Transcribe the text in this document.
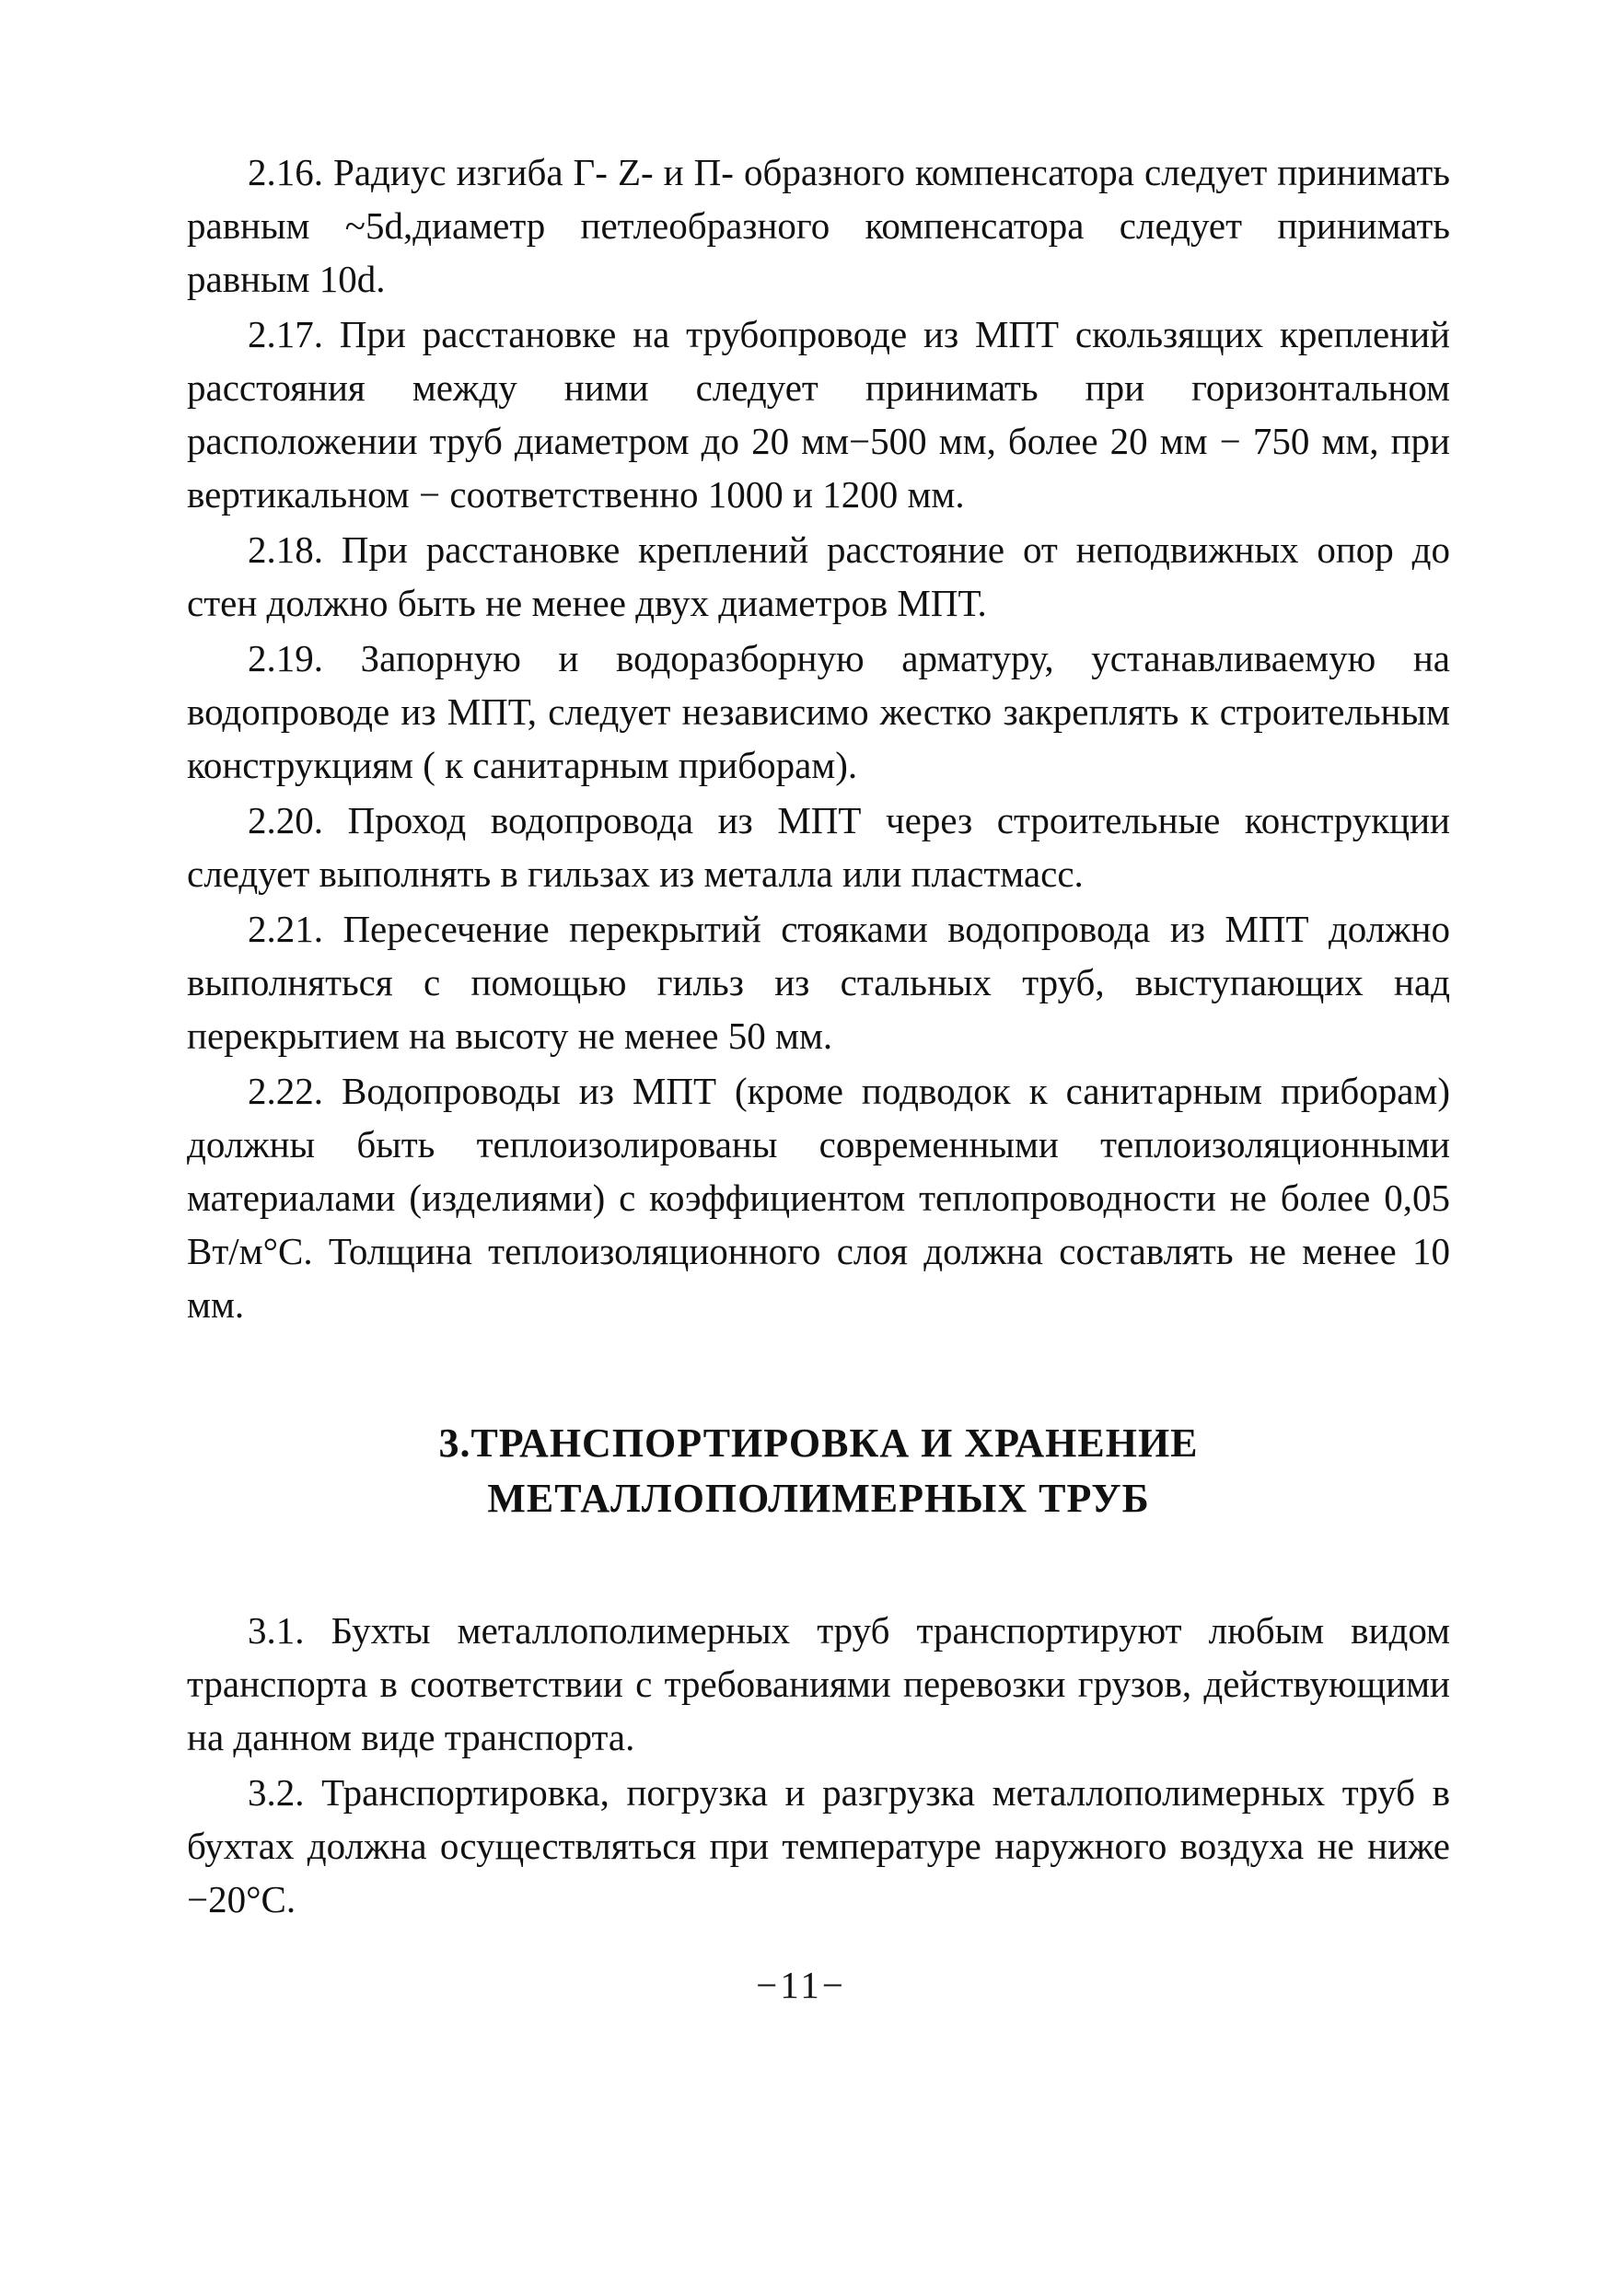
2.16. Радиус изгиба Г- Z- и П- образного компенсатора следует принимать равным ~5d,диаметр петлеобразного компенсатора следует принимать равным 10d.

2.17. При расстановке на трубопроводе из МПТ скользящих креплений расстояния между ними следует принимать при горизонтальном расположении труб диаметром до 20 мм−500 мм, более 20 мм − 750 мм, при вертикальном − соответственно 1000 и 1200 мм.

2.18. При расстановке креплений расстояние от неподвижных опор до стен должно быть не менее двух диаметров МПТ.

2.19. Запорную и водоразборную арматуру, устанавливаемую на водопроводе из МПТ, следует независимо жестко закреплять к строительным конструкциям ( к санитарным приборам).

2.20. Проход водопровода из МПТ через строительные конструкции следует выполнять в гильзах из металла или пластмасс.

2.21. Пересечение перекрытий стояками водопровода из МПТ должно выполняться с помощью гильз из стальных труб, выступающих над перекрытием на высоту не менее 50 мм.

2.22. Водопроводы из МПТ (кроме подводок к санитарным приборам) должны быть теплоизолированы современными теплоизоляционными материалами (изделиями) с коэффициентом теплопроводности не более 0,05 Вт/м°С. Толщина теплоизоляционного слоя должна составлять не менее 10 мм.

3.ТРАНСПОРТИРОВКА И ХРАНЕНИЕ
МЕТАЛЛОПОЛИМЕРНЫХ ТРУБ

3.1. Бухты металлополимерных труб транспортируют любым видом транспорта в соответствии с требованиями перевозки грузов, действующими на данном виде транспорта.

3.2. Транспортировка, погрузка и разгрузка металлополимерных труб в бухтах должна осуществляться при температуре наружного воздуха не ниже −20°С.

−11−
